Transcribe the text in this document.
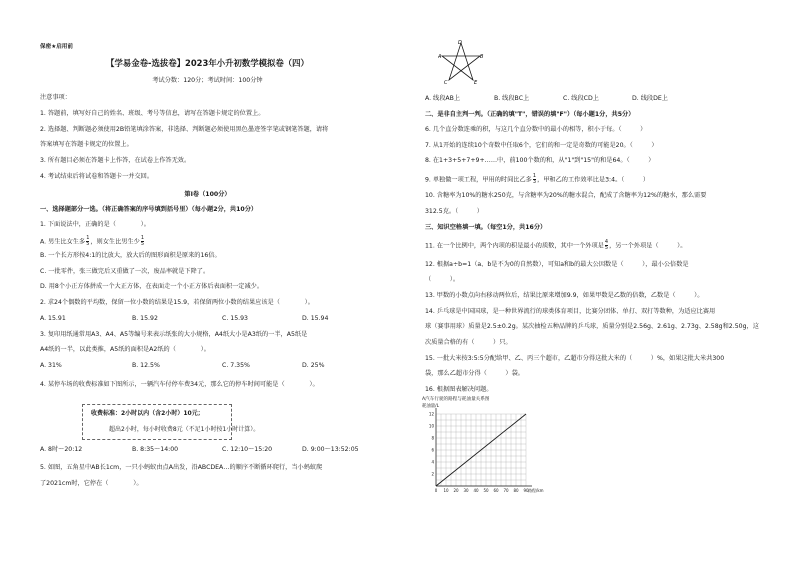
保密★启用前
【学易金卷-选拔卷】2023年小升初数学模拟卷（四）
考试分数：120分；考试时间：100分钟
注意事项：
1. 答题前，填写好自己的姓名、班级、考号等信息，请写在答题卡规定的位置上。
2. 选择题、判断题必须使用2B铅笔填涂答案，非选择、判断题必须使用黑色墨迹签字笔或钢笔答题，请将
答案填写在答题卡规定的位置上。
3. 所有题目必须在答题卡上作答，在试卷上作答无效。
4. 考试结束后将试卷和答题卡一并交回。
第I卷（100分）
一、选择题部分一选。（将正确答案的序号填到括号里）（每小题2分，共10分）
1. 下面说法中，正确的是（　　　　）。
A. 男生比女生多 $\frac{1}{5}$ ，则女生比男生少 $\frac{1}{5}$
B. 一个长方形按4:1的比放大，放大后的图形面积是原来的16倍。
C. 一批零件，张三做完后又重做了一次，废品率就是下降了。
D. 用8个小正方体拼成一个大正方体，在表面走一个小正方体后表面积一定减少。
2. 求24个偶数的平均数，保留一位小数的结果是15.9，若保留两位小数的结果应该是（　　　　）。
A. 15.91	B. 15.92	C. 15.93	D. 15.94
3. 复印用纸通常用A3、A4、A5等编号来表示纸张的大小规格，A4纸大小是A3纸的一半，A5纸是
A4纸的一半，以此类推，A5纸的面积是A2纸的（　　　　）。
A. 31%	B. 12.5%	C. 7.35%	D. 25%
4. 某停车场的收费标准如下图所示，一辆汽车付停车费34元，那么它的停车时间可能是（　　　　）。
收费标准：2小时以内（含2小时）10元；
超出2小时，每小时收费8元（不足1小时按1小时计算）。
A. 8时～20:12	B. 8:35～14:00	C. 12:10～15:20	D. 9:00～13:52:05
5. 如图，五角星中AB长1cm，一只小蚂蚁由点A出发，沿ABCDEA…的顺序不断循环爬行，当小蚂蚁爬
了2021cm时，它停在（　　　　）。
D
A	B
C	E
A. 线段AB上	B. 线段BC上	C. 线段CD上	D. 线段DE上
二、是非自主判一判。（正确的填"T"，错误的填"F"）（每小题1分，共5分）
6. 几个直分数连乘的积，与这几个直分数中的最小的相等，积小于每。（　　　）
7. 从1开始的连续10个奇数中任取6个，它们的和一定是奇数的可能是20。（　　　）
8. 在1+3+5+7+9+……中，前100个数的和，从"1"到"15"的和是64。（　　　）
9. 单独做一项工程，甲用的时间比乙多 $\frac{1}{3}$ ，甲和乙的工作效率比是3:4。（　　　）
10. 含糖率为10%的糖水250克，与含糖率为20%的糖水混合，配成了含糖率为12%的糖水，那么需要
312.5克。（　　　）
三、知识空格填一填。（每空1分，共16分）
11. 在一个比例中，两个内项的积是最小的质数，其中一个外项是 $\frac{4}{5}$ ，另一个外项是（　　　）。
12. 根据a÷b=1（a、b是不为0的自然数），可知a和b的最大公因数是（　　　），最小公倍数是
（　　　）。
13. 甲数的小数点向右移动两位后，结果比原来增加9.9，如果甲数是乙数的倍数，乙数是（　　　）。
14. 乒乓球是中国国球，是一种世界流行的球类体育项目，比赛分团体、单打、双打等数种，为适应比赛用
球（赛事用球）质量是2.5±0.2g。某次抽检五种品牌的乒乓球，质量分别是2.56g、2.61g、2.73g、2.58g和2.50g，这
次质量合格的有（　　　）只。
15. 一批大米按3:5:5分配给甲、乙、丙三个超市，乙超市分得这批大米的（　　　）%，如果这批大米共300
袋，那么乙超市分得（　　　）袋。
16. 根据图表解决问题。
A汽车行驶的路程与耗油量关系图
耗油量/L
0 10 20 30 40 50 60 70 80 90
2
4
6
8
10
12
路程/km
